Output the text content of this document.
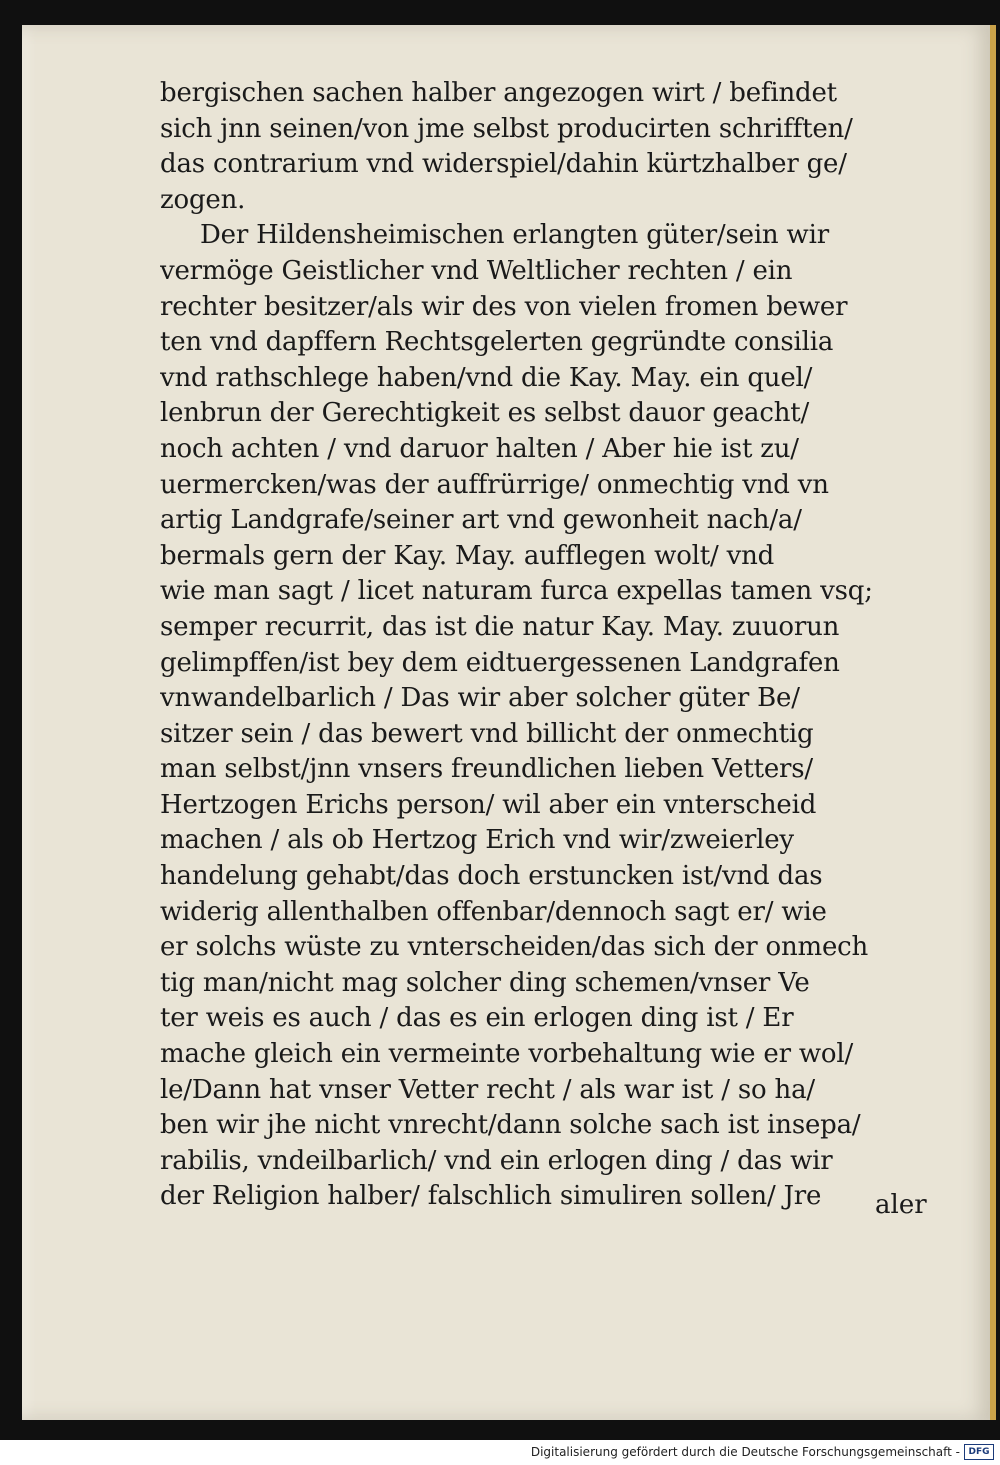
bergischen sachen halber angezogen wirt / befindet
sich jnn seinen/von jme selbst producirten schrifften/
das contrarium vnd widerspiel/dahin kürtzhalber ge/
zogen.
Der Hildensheimischen erlangten güter/sein wir
vermöge Geistlicher vnd Weltlicher rechten / ein
rechter besitzer/als wir des von vielen fromen bewer
ten vnd dapffern Rechtsgelerten gegründte consilia
vnd rathschlege haben/vnd die Kay. May. ein quel/
lenbrun der Gerechtigkeit es selbst dauor geacht/
noch achten / vnd daruor halten / Aber hie ist zu/
uermercken/was der auffrürrige/ onmechtig vnd vn
artig Landgrafe/seiner art vnd gewonheit nach/a/
bermals gern der Kay. May. aufflegen wolt/ vnd
wie man sagt / licet naturam furca expellas tamen vsq;
semper recurrit, das ist die natur Kay. May. zuuorun
gelimpffen/ist bey dem eidtuergessenen Landgrafen
vnwandelbarlich / Das wir aber solcher güter Be/
sitzer sein / das bewert vnd billicht der onmechtig
man selbst/jnn vnsers freundlichen lieben Vetters/
Hertzogen Erichs person/ wil aber ein vnterscheid
machen / als ob Hertzog Erich vnd wir/zweierley
handelung gehabt/das doch erstuncken ist/vnd das
widerig allenthalben offenbar/dennoch sagt er/ wie
er solchs wüste zu vnterscheiden/das sich der onmech
tig man/nicht mag solcher ding schemen/vnser Ve
ter weis es auch / das es ein erlogen ding ist / Er
mache gleich ein vermeinte vorbehaltung wie er wol/
le/Dann hat vnser Vetter recht / als war ist / so ha/
ben wir jhe nicht vnrecht/dann solche sach ist insepa/
rabilis, vndeilbarlich/ vnd ein erlogen ding / das wir
der Religion halber/ falschlich simuliren sollen/ Jre	aler
Digitalisierung gefördert durch die Deutsche Forschungsgemeinschaft - DFG
